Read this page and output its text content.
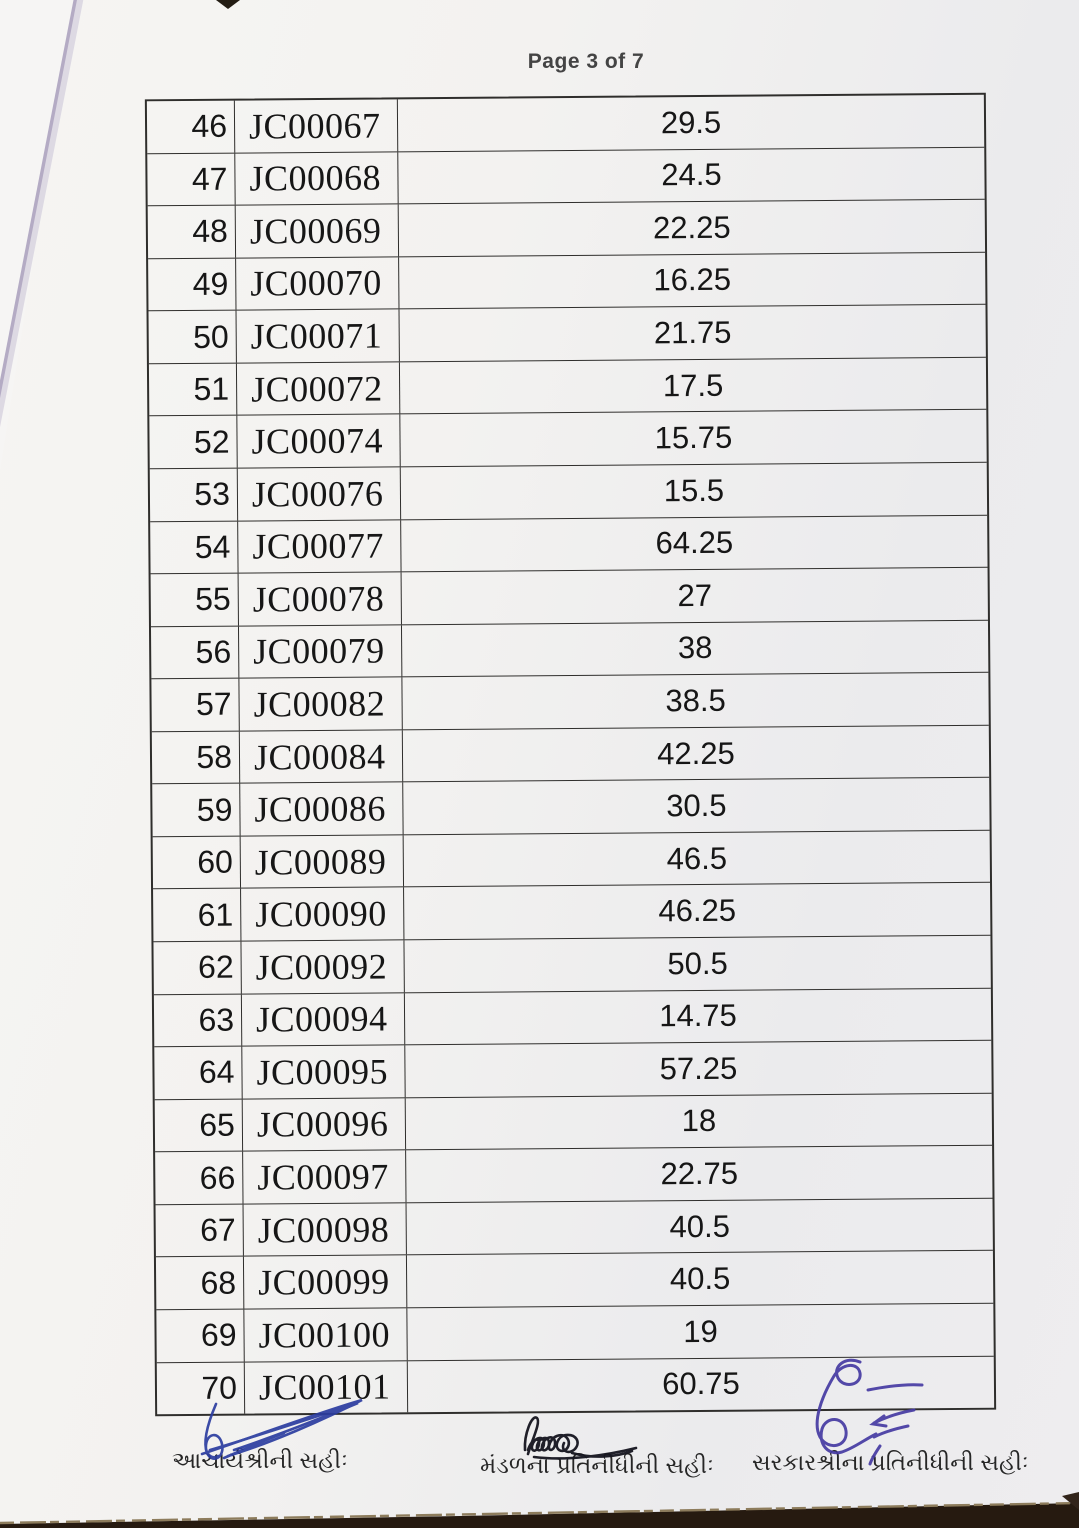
Page 3 of 7
46 JC00067	29.5
47 JC00068	24.5
48 JC00069	22.25
49 JC00070	16.25
50 JC00071	21.75
51 JC00072	17.5
52 JC00074	15.75
53 JC00076	15.5
54 JC00077	64.25
55 JC00078	27
56 JC00079	38
57 JC00082	38.5
58 JC00084	42.25
59 JC00086	30.5
60 JC00089	46.5
61 JC00090	46.25
62 JC00092	50.5
63 JC00094	14.75
64 JC00095	57.25
65 JC00096	18
66 JC00097	22.75
67 JC00098	40.5
68 JC00099	40.5
69 JC00100	19
70 JC00101	60.75
આચાર્યશ્રીની સહીઃ	મંડળના પ્રતિનીધીની સહીઃ સરકારશ્રીના પ્રતિનીધીની સહીઃ
